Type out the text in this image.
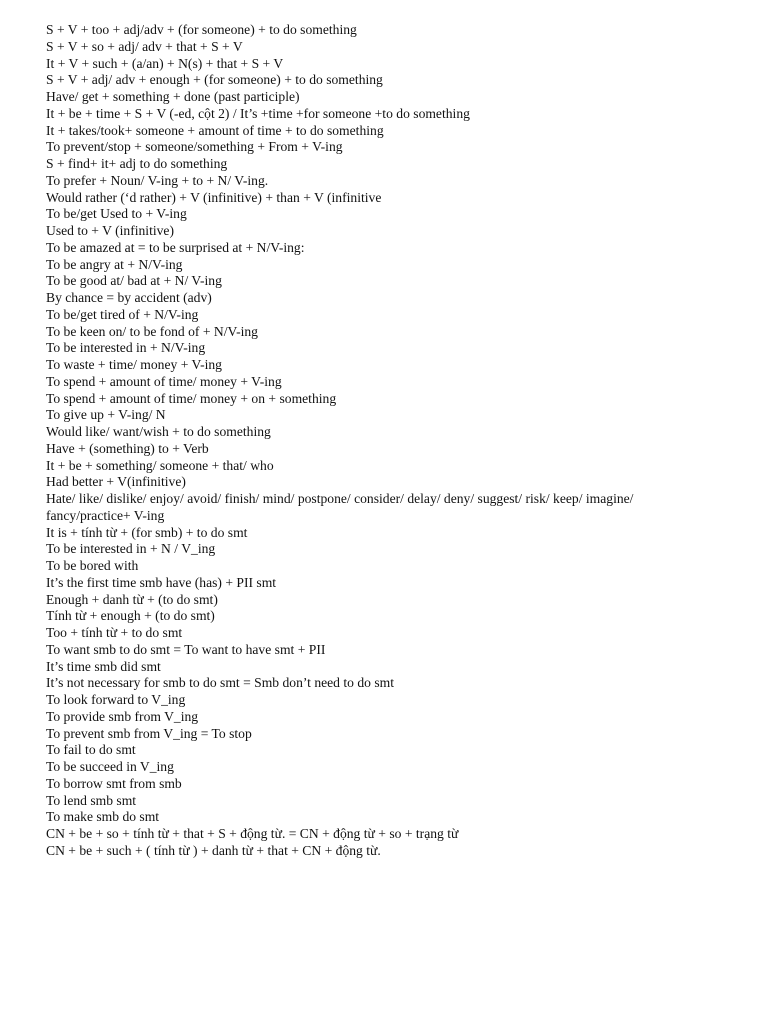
S + V + too + adj/adv + (for someone) + to do something
S + V + so + adj/ adv + that + S + V
It + V + such + (a/an) + N(s) + that + S + V
S + V + adj/ adv + enough + (for someone) + to do something
Have/ get + something + done (past participle)
It + be + time + S + V (-ed, cột 2) / It’s +time +for someone +to do something
It + takes/took+ someone + amount of time + to do something
To prevent/stop + someone/something + From + V-ing
S + find+ it+ adj to do something
To prefer + Noun/ V-ing + to + N/ V-ing.
Would rather (‘d rather) + V (infinitive) + than + V (infinitive
To be/get Used to + V-ing
Used to + V (infinitive)
To be amazed at = to be surprised at + N/V-ing:
To be angry at + N/V-ing
To be good at/ bad at + N/ V-ing
By chance = by accident (adv)
To be/get tired of + N/V-ing
To be keen on/ to be fond of + N/V-ing
To be interested in + N/V-ing
To waste + time/ money + V-ing
To spend + amount of time/ money + V-ing
To spend + amount of time/ money + on + something
To give up + V-ing/ N
Would like/ want/wish + to do something
Have + (something) to + Verb
It + be + something/ someone + that/ who
Had better + V(infinitive)
Hate/ like/ dislike/ enjoy/ avoid/ finish/ mind/ postpone/ consider/ delay/ deny/ suggest/ risk/ keep/ imagine/
fancy/practice+ V-ing
It is + tính từ + (for smb) + to do smt
To be interested in + N / V_ing
To be bored with
It’s the first time smb have (has) + PII smt
Enough + danh từ + (to do smt)
Tính từ + enough + (to do smt)
Too + tính từ + to do smt
To want smb to do smt = To want to have smt + PII
It’s time smb did smt
It’s not necessary for smb to do smt = Smb don’t need to do smt
To look forward to V_ing
To provide smb from V_ing
To prevent smb from V_ing = To stop
To fail to do smt
To be succeed in V_ing
To borrow smt from smb
To lend smb smt
To make smb do smt
CN + be + so + tính từ + that + S + động từ. = CN + động từ + so + trạng từ
CN + be + such + ( tính từ ) + danh từ + that + CN + động từ.
